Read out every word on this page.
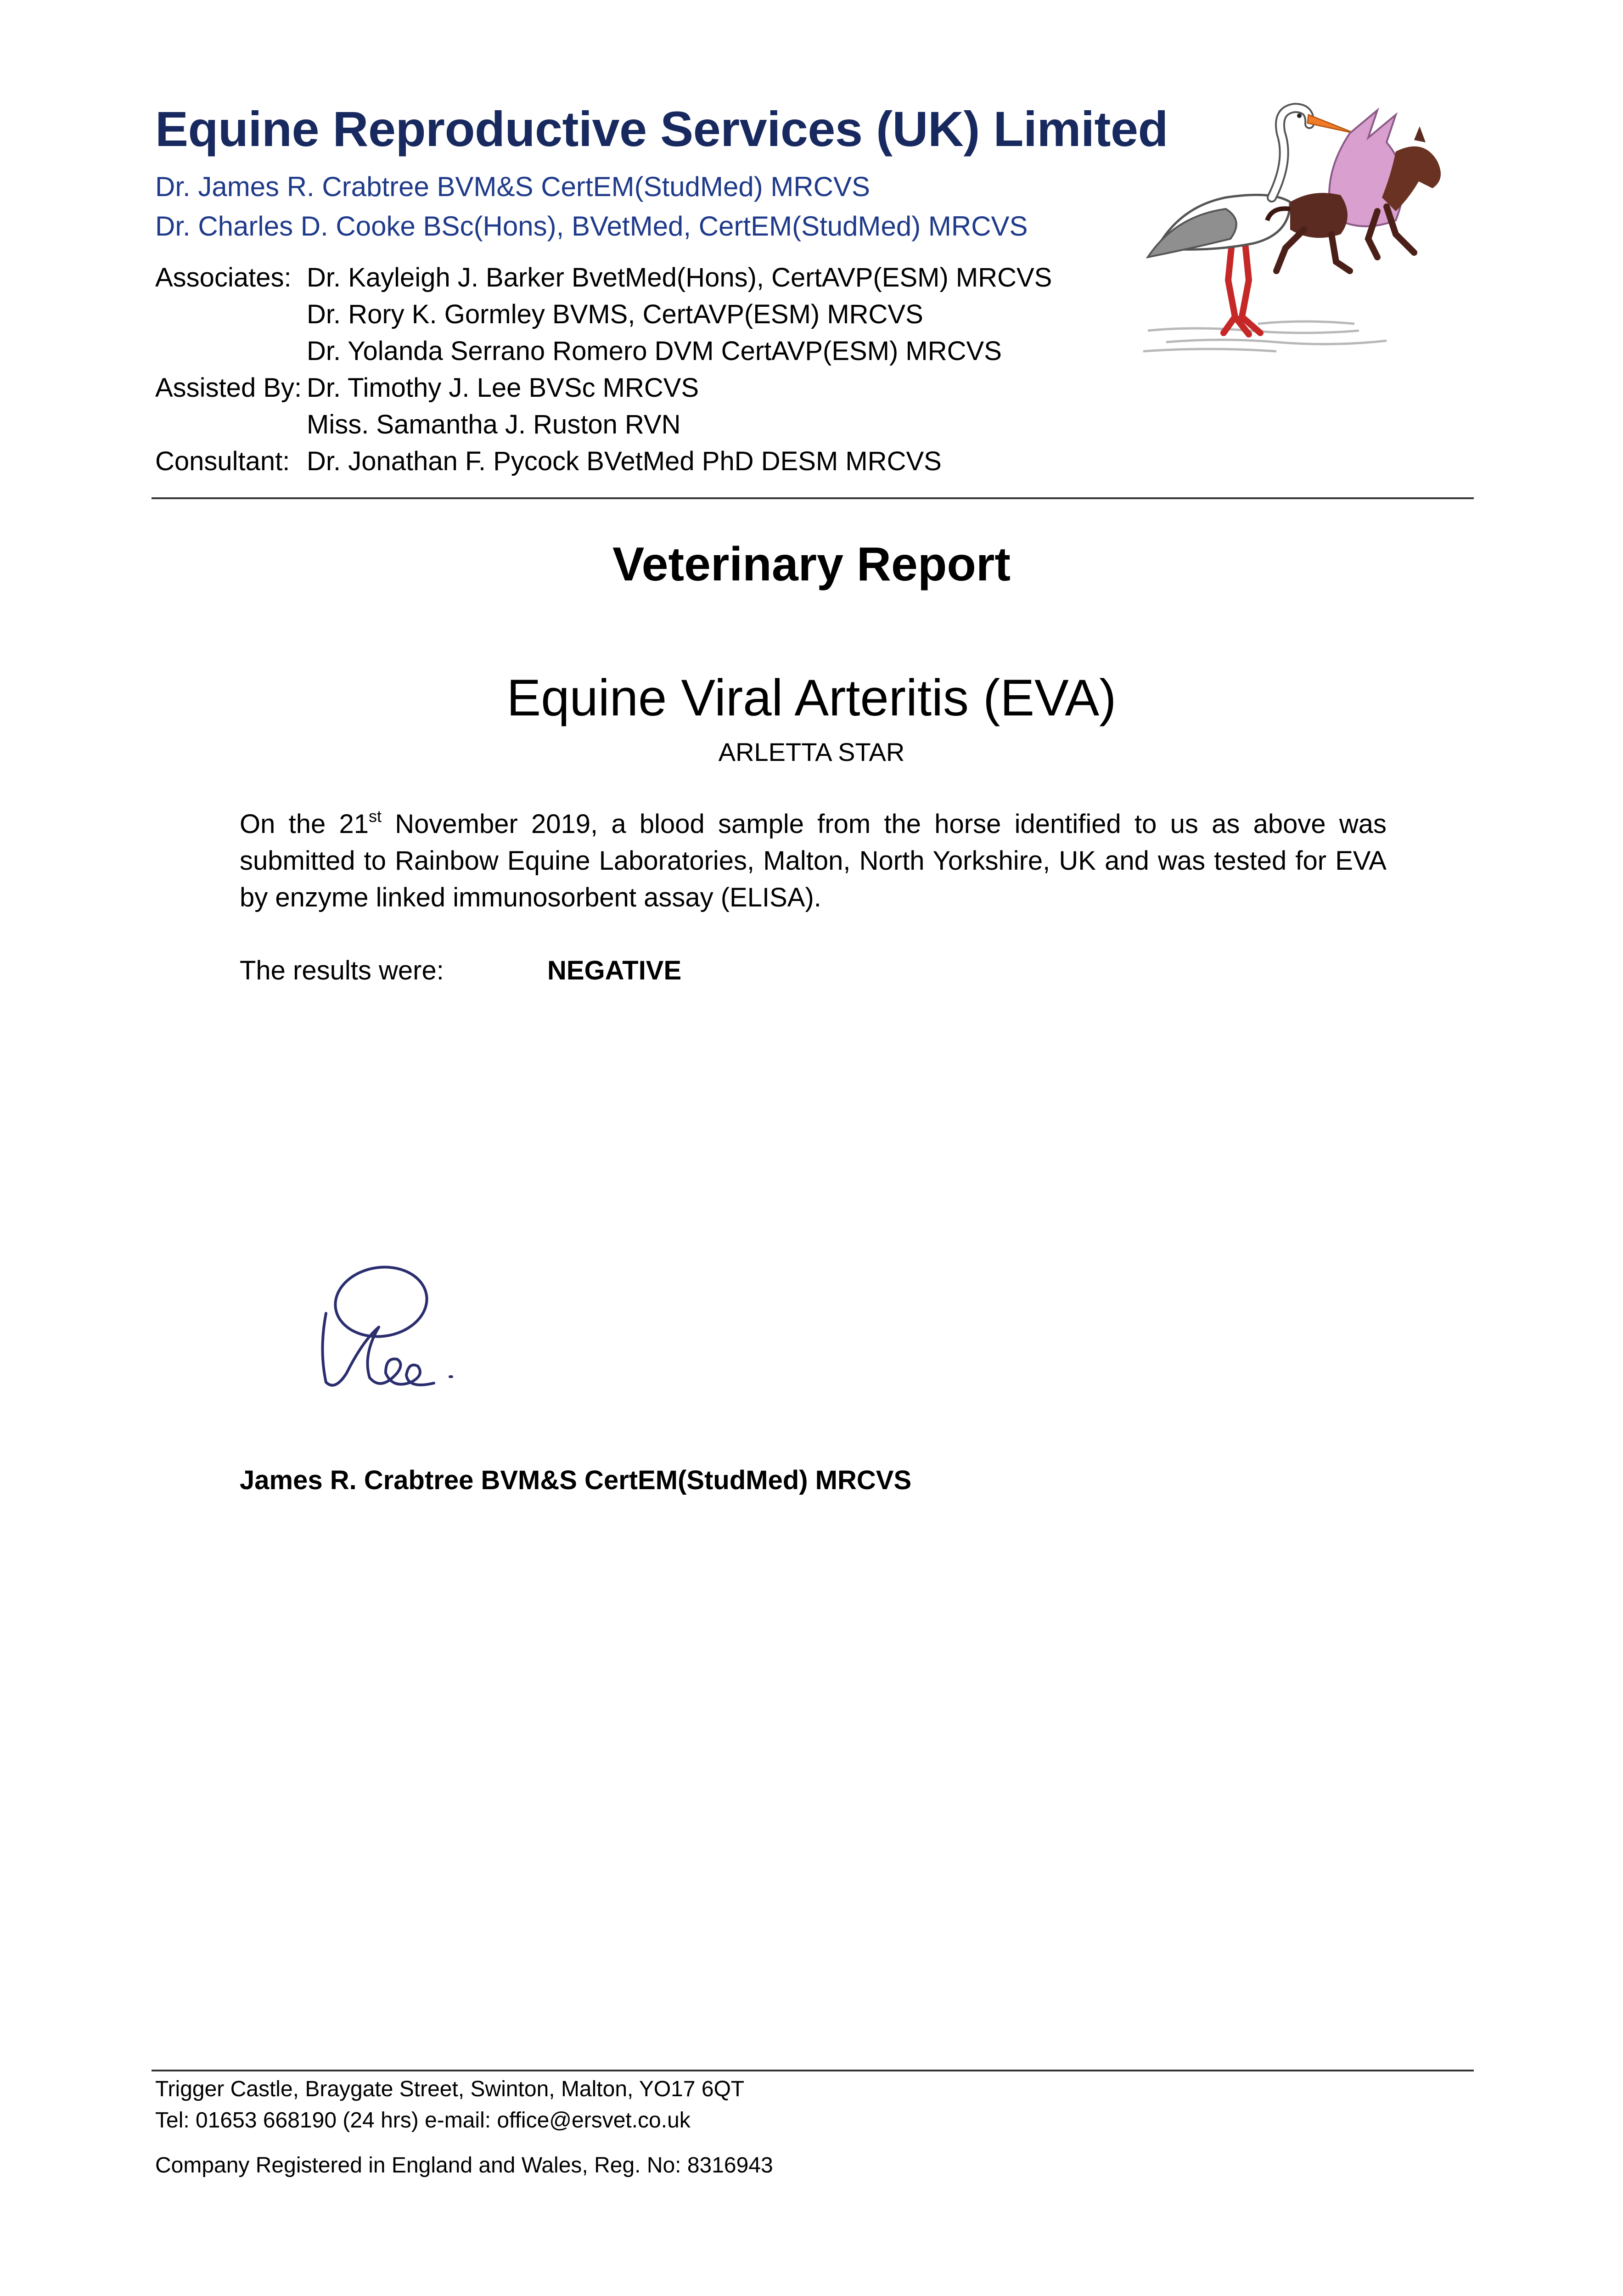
Equine Reproductive Services (UK) Limited
Dr. James R. Crabtree BVM&S CertEM(StudMed) MRCVS
Dr. Charles D. Cooke BSc(Hons), BVetMed, CertEM(StudMed) MRCVS
Associates: Dr. Kayleigh J. Barker BvetMed(Hons), CertAVP(ESM) MRCVS
Dr. Rory K. Gormley BVMS, CertAVP(ESM) MRCVS
Dr. Yolanda Serrano Romero DVM CertAVP(ESM) MRCVS
Assisted By: Dr. Timothy J. Lee BVSc MRCVS
Miss. Samantha J. Ruston RVN
Consultant: Dr. Jonathan F. Pycock BVetMed PhD DESM MRCVS
Veterinary Report
Equine Viral Arteritis (EVA)
ARLETTA STAR

On the 21st November 2019, a blood sample from the horse identified to us as above was submitted to Rainbow Equine Laboratories, Malton, North Yorkshire, UK and was tested for EVA by enzyme linked immunosorbent assay (ELISA).

The results were:	NEGATIVE
James R. Crabtree BVM&S CertEM(StudMed) MRCVS
Trigger Castle, Braygate Street, Swinton, Malton, YO17 6QT
Tel: 01653 668190 (24 hrs) e-mail: office@ersvet.co.uk
Company Registered in England and Wales, Reg. No: 8316943
